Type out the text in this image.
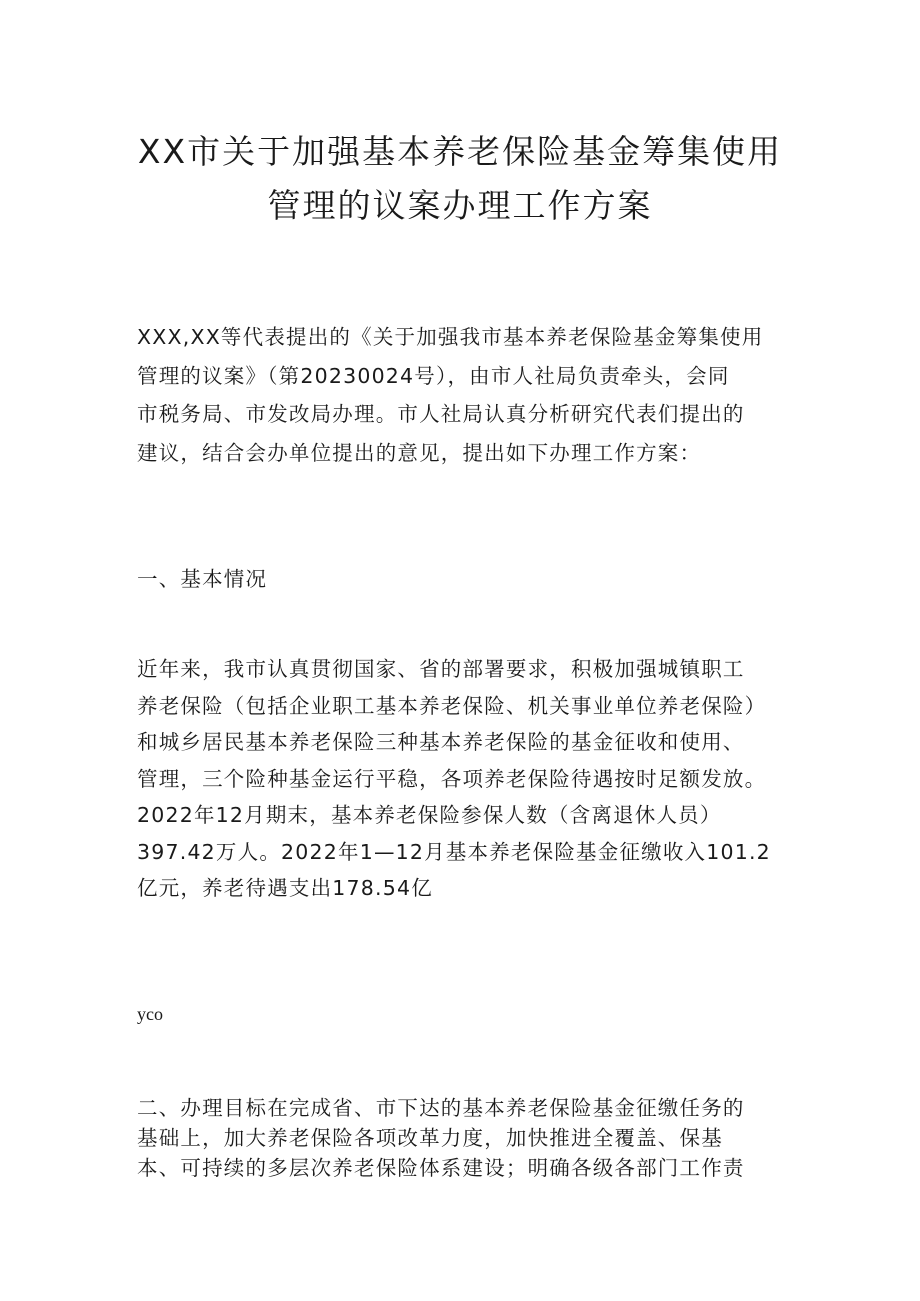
XX市关于加强基本养老保险基金筹集使用
管理的议案办理工作方案
XXX,XX等代表提出的《关于加强我市基本养老保险基金筹集使用
管理的议案》（第20230024号），由市人社局负责牵头，会同
市税务局、市发改局办理。市人社局认真分析研究代表们提出的
建议，结合会办单位提出的意见，提出如下办理工作方案：
一、基本情况
近年来，我市认真贯彻国家、省的部署要求，积极加强城镇职工
养老保险（包括企业职工基本养老保险、机关事业单位养老保险）
和城乡居民基本养老保险三种基本养老保险的基金征收和使用、
管理，三个险种基金运行平稳，各项养老保险待遇按时足额发放。
2022年12月期末，基本养老保险参保人数（含离退休人员）
397.42万人。2022年1—12月基本养老保险基金征缴收入101.2
亿元，养老待遇支出178.54亿
yco
二、办理目标在完成省、市下达的基本养老保险基金征缴任务的
基础上，加大养老保险各项改革力度，加快推进全覆盖、保基
本、可持续的多层次养老保险体系建设；明确各级各部门工作责
